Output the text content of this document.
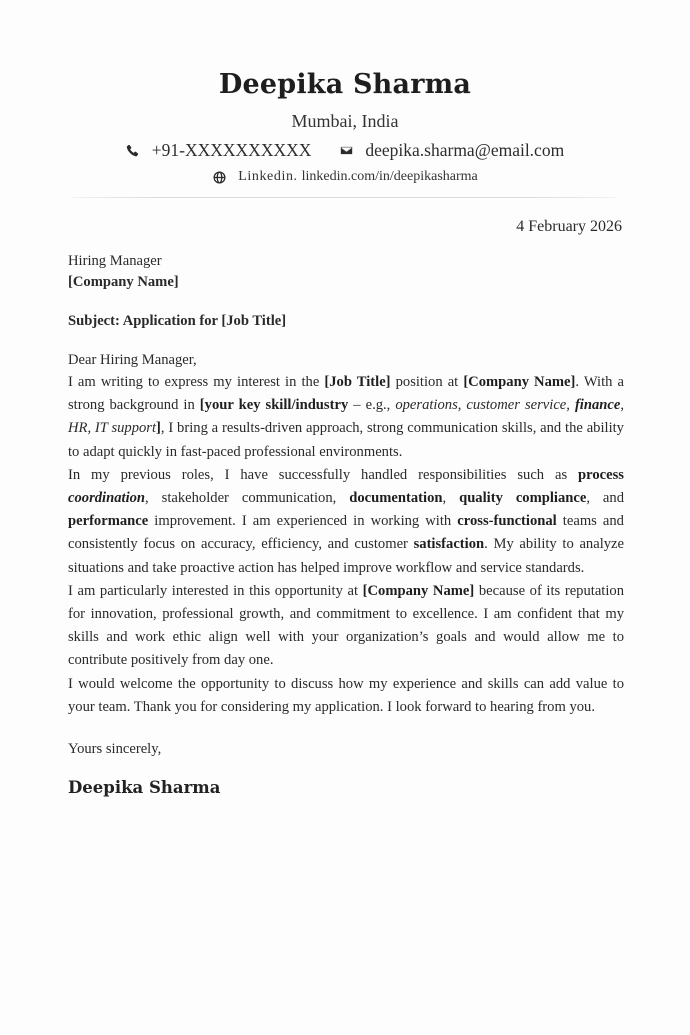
Deepika Sharma
Mumbai, India
+91-XXXXXXXXXX	deepika.sharma@email.com
Linkedin. linkedin.com/in/deepikasharma
4 February 2026
Hiring Manager
[Company Name]
Subject: Application for [Job Title]
Dear Hiring Manager,

I am writing to express my interest in the [Job Title] position at [Company Name]. With a strong background in [your key skill/industry – e.g., operations, customer service, finance, HR, IT support], I bring a results-driven approach, strong communication skills, and the ability to adapt quickly in fast-paced professional environments.

In my previous roles, I have successfully handled responsibilities such as process coordination, stakeholder communication, documentation, quality compliance, and performance improvement. I am experienced in working with cross-functional teams and consistently focus on accuracy, efficiency, and customer satisfaction. My ability to analyze situations and take proactive action has helped improve workflow and service standards.

I am particularly interested in this opportunity at [Company Name] because of its reputation for innovation, professional growth, and commitment to excellence. I am confident that my skills and work ethic align well with your organization’s goals and would allow me to contribute positively from day one.

I would welcome the opportunity to discuss how my experience and skills can add value to your team. Thank you for considering my application. I look forward to hearing from you.

Yours sincerely,
Deepika Sharma
